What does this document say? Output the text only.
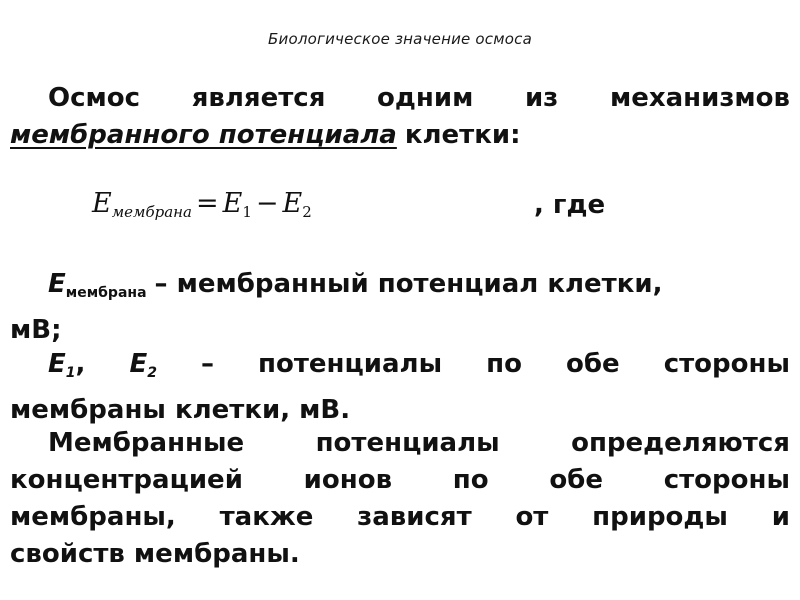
Биологическое значение осмоса
Осмос является одним из механизмов
мембранного потенциала клетки:
$E_{мембрана} = E_1 - E_2$	, где
Емембрана – мембранный потенциал клетки,
мВ;
Е1, Е2 – потенциалы по обе стороны
мембраны клетки, мВ.
Мембранные	потенциалы	определяются
концентрацией ионов по обе стороны
мембраны, также зависят от природы и
свойств мембраны.
